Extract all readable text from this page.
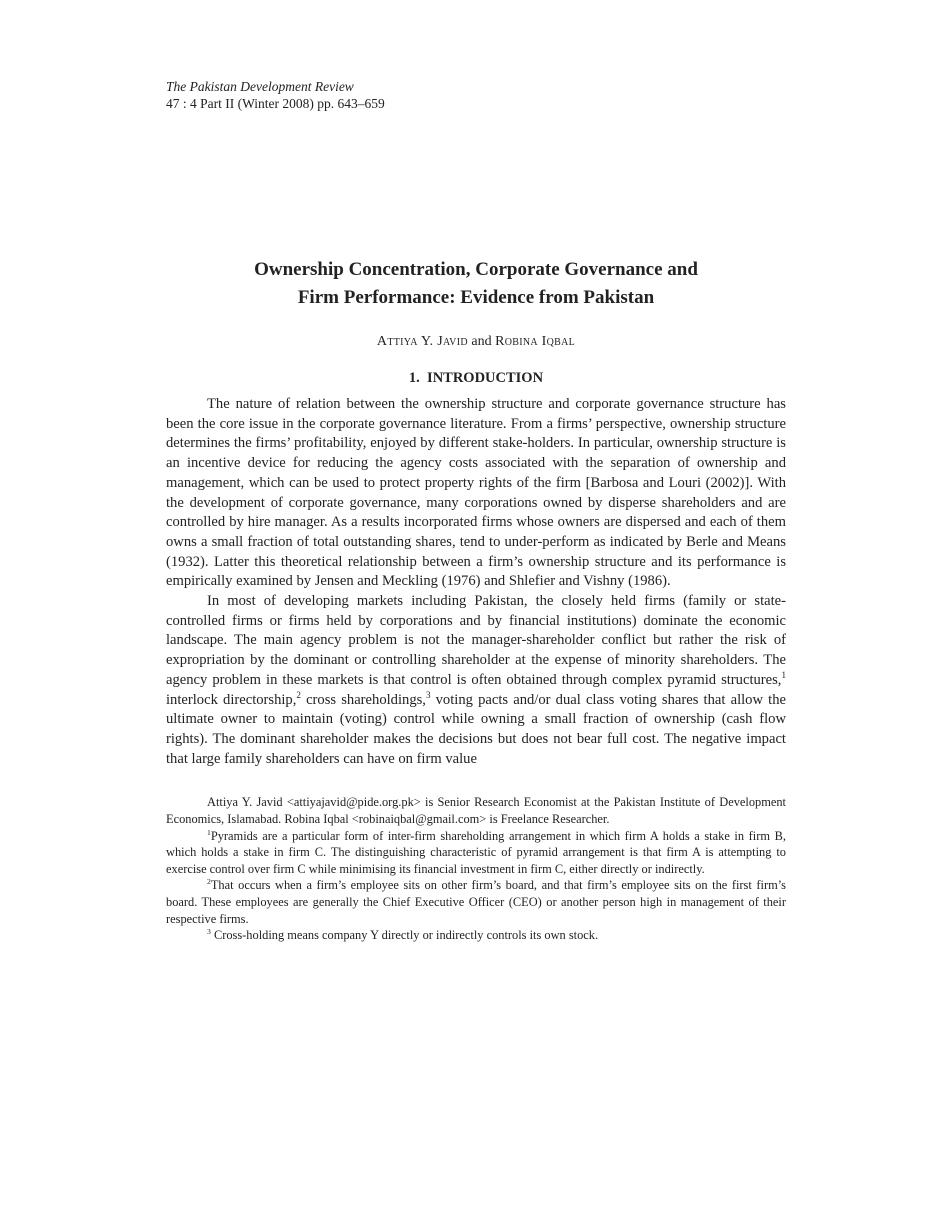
The Pakistan Development Review
47 : 4 Part II (Winter 2008) pp. 643–659
Ownership Concentration, Corporate Governance and
Firm Performance: Evidence from Pakistan
Attiya Y. Javid and Robina Iqbal
1.  INTRODUCTION

The nature of relation between the ownership structure and corporate governance structure has been the core issue in the corporate governance literature. From a firms’ perspective, ownership structure determines the firms’ profitability, enjoyed by different stake-holders. In particular, ownership structure is an incentive device for reducing the agency costs associated with the separation of ownership and management, which can be used to protect property rights of the firm [Barbosa and Louri (2002)]. With the development of corporate governance, many corporations owned by disperse shareholders and are controlled by hire manager. As a results incorporated firms whose owners are dispersed and each of them owns a small fraction of total outstanding shares, tend to under-perform as indicated by Berle and Means (1932). Latter this theoretical relationship between a firm’s ownership structure and its performance is empirically examined by Jensen and Meckling (1976) and Shlefier and Vishny (1986).

In most of developing markets including Pakistan, the closely held firms (family or state-controlled firms or firms held by corporations and by financial institutions) dominate the economic landscape. The main agency problem is not the manager-shareholder conflict but rather the risk of expropriation by the dominant or controlling shareholder at the expense of minority shareholders. The agency problem in these markets is that control is often obtained through complex pyramid structures,$^1$ interlock directorship,$^2$ cross shareholdings,$^3$ voting pacts and/or dual class voting shares that allow the ultimate owner to maintain (voting) control while owning a small fraction of ownership (cash flow rights). The dominant shareholder makes the decisions but does not bear full cost. The negative impact that large family shareholders can have on firm value

Attiya Y. Javid <attiyajavid@pide.org.pk> is Senior Research Economist at the Pakistan Institute of Development Economics, Islamabad. Robina Iqbal <robinaiqbal@gmail.com> is Freelance Researcher.

$^1$Pyramids are a particular form of inter-firm shareholding arrangement in which firm A holds a stake in firm B, which holds a stake in firm C. The distinguishing characteristic of pyramid arrangement is that firm A is attempting to exercise control over firm C while minimising its financial investment in firm C, either directly or indirectly.

$^2$That occurs when a firm’s employee sits on other firm’s board, and that firm’s employee sits on the first firm’s board. These employees are generally the Chief Executive Officer (CEO) or another person high in management of their respective firms.

$^3$ Cross-holding means company Y directly or indirectly controls its own stock.
